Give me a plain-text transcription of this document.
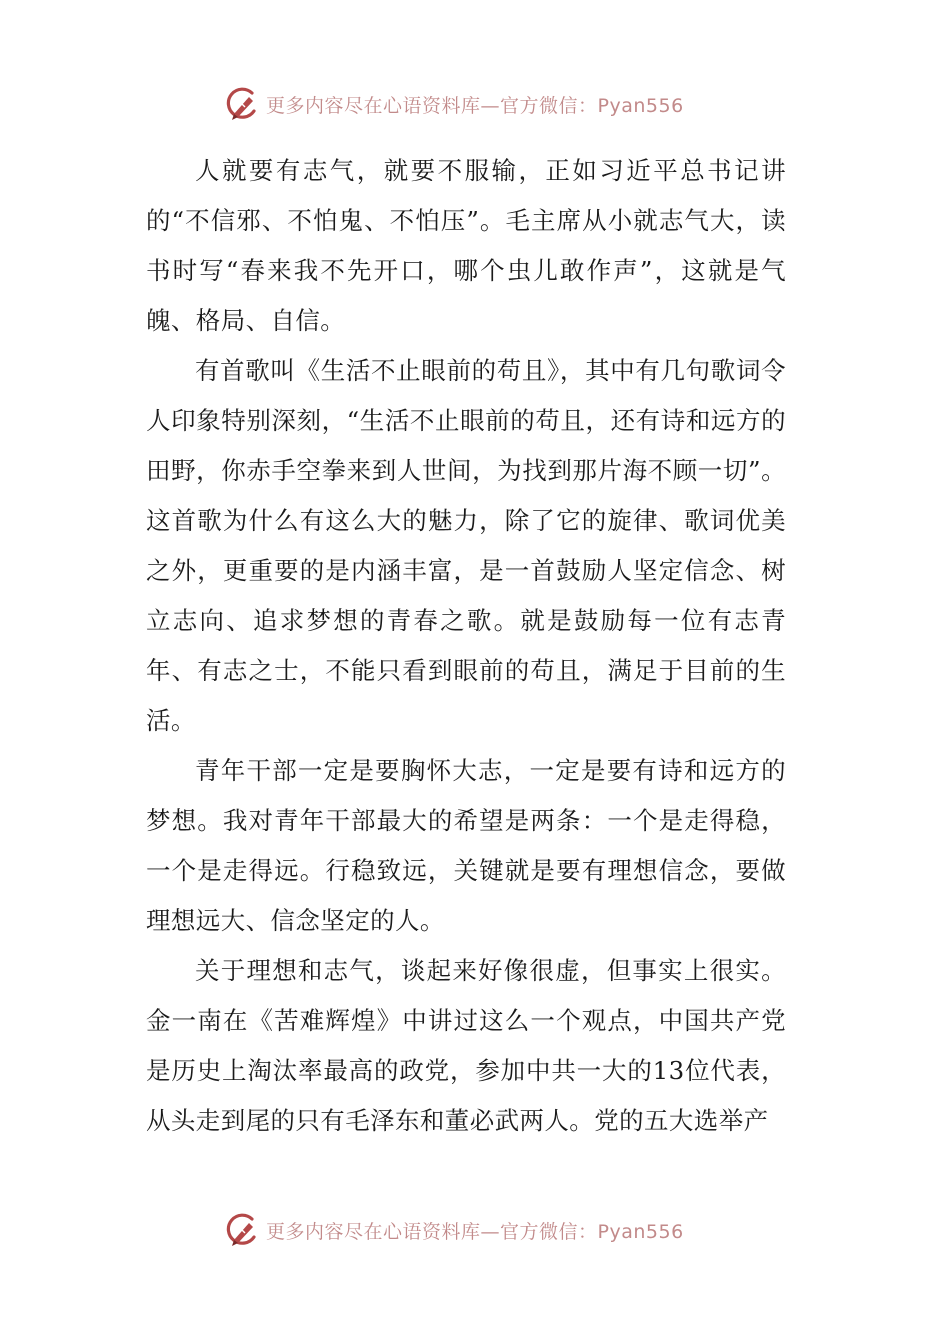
更多内容尽在心语资料库—官方微信：Pyan556

人就要有志气，就要不服输，正如习近平总书记讲的“不信邪、不怕鬼、不怕压”。毛主席从小就志气大，读书时写“春来我不先开口，哪个虫儿敢作声”，这就是气魄、格局、自信。

有首歌叫《生活不止眼前的苟且》，其中有几句歌词令人印象特别深刻，“生活不止眼前的苟且，还有诗和远方的田野，你赤手空拳来到人世间，为找到那片海不顾一切”。这首歌为什么有这么大的魅力，除了它的旋律、歌词优美之外，更重要的是内涵丰富，是一首鼓励人坚定信念、树立志向、追求梦想的青春之歌。就是鼓励每一位有志青年、有志之士，不能只看到眼前的苟且，满足于目前的生活。

青年干部一定是要胸怀大志，一定是要有诗和远方的梦想。我对青年干部最大的希望是两条：一个是走得稳，一个是走得远。行稳致远，关键就是要有理想信念，要做理想远大、信念坚定的人。

关于理想和志气，谈起来好像很虚，但事实上很实。金一南在《苦难辉煌》中讲过这么一个观点，中国共产党是历史上淘汰率最高的政党，参加中共一大的13位代表，从头走到尾的只有毛泽东和董必武两人。党的五大选举产

更多内容尽在心语资料库—官方微信：Pyan556
